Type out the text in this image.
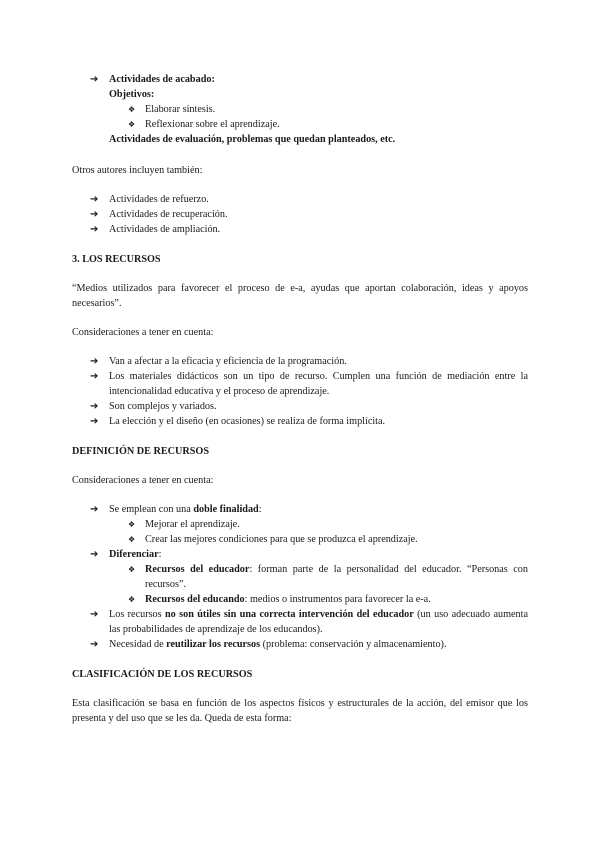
➔ Actividades de acabado:
Objetivos:
❖ Elaborar síntesis.
❖ Reflexionar sobre el aprendizaje.
Actividades de evaluación, problemas que quedan planteados, etc.
Otros autores incluyen también:
➔ Actividades de refuerzo.
➔ Actividades de recuperación.
➔ Actividades de ampliación.
3. LOS RECURSOS
“Medios utilizados para favorecer el proceso de e-a, ayudas que aportan colaboración, ideas y apoyos necesarios”.
Consideraciones a tener en cuenta:
➔ Van a afectar a la eficacia y eficiencia de la programación.
➔ Los materiales didácticos son un tipo de recurso. Cumplen una función de mediación entre la intencionalidad educativa y el proceso de aprendizaje.
➔ Son complejos y variados.
➔ La elección y el diseño (en ocasiones) se realiza de forma implícita.
DEFINICIÓN DE RECURSOS
Consideraciones a tener en cuenta:
➔ Se emplean con una doble finalidad:
❖ Mejorar el aprendizaje.
❖ Crear las mejores condiciones para que se produzca el aprendizaje.
➔ Diferenciar:
❖ Recursos del educador: forman parte de la personalidad del educador. “Personas con recursos”.
❖ Recursos del educando: medios o instrumentos para favorecer la e-a.
➔ Los recursos no son útiles sin una correcta intervención del educador (un uso adecuado aumenta las probabilidades de aprendizaje de los educandos).
➔ Necesidad de reutilizar los recursos (problema: conservación y almacenamiento).
CLASIFICACIÓN DE LOS RECURSOS
Esta clasificación se basa en función de los aspectos físicos y estructurales de la acción, del emisor que los presenta y del uso que se les da. Queda de esta forma:
